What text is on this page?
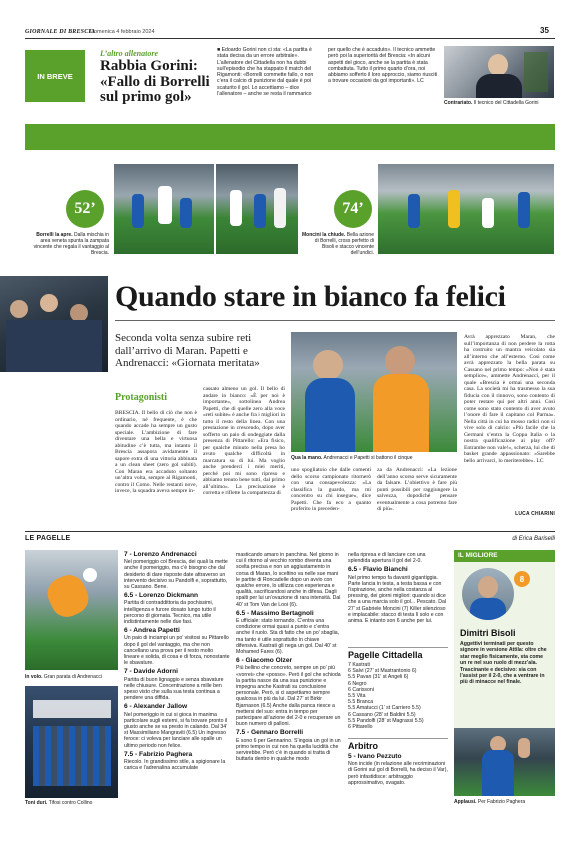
GIORNALE DI BRESCIA
Domenica 4 febbraio 2024	35
IN BREVE
L’altro allenatore
Rabbia Gorini: «Fallo di Borrelli sul primo gol»
■ Edoardo Gorini non ci sta: «La partita è stata decisa da un errore arbitrale». L’allenatore del Cittadella non ha dubbi sull’episodio che ha stappato il match del Rigamonti: «Borrelli commette fallo, o non c’era il calcio di punizione dal quale è poi scaturito il gol. Lo accettiamo – dice l’allenatore – anche se resta il rammarico
per quello che è accaduto». Il tecnico ammette però poi la superiorità del Brescia: «In alcuni aspetti del gioco, anche se la partita è stata combattuta. Tutto il primo quarto d’ora, noi abbiamo sofferto il loro approccio, siamo riusciti a trovare occasioni da gol importanti». LC
Contrariato. Il tecnico del Cittadella Gorini
52’
Borrelli la apre. Dalla mischia in area veneta spunta la zampata vincente che regala il vantaggio al Brescia.
Moncini la chiude. Bella azione di Borrelli, cross perfetto di Bisoli e stacco vincente dell’undici.
74’
Quando stare in bianco fa felici
Seconda volta senza subire reti dall’arrivo di Maran. Papetti e Andrenacci: «Giornata meritata»
Protagonisti
BRESCIA. Il bello di ciò che non è ordinario, né frequente, è che quando accade ha sempre un gusto speciale. L’ambizione di fare diventare una bella e virtuosa abitudine c’è tutta, ma intanto il Brescia assapora avidamente il sapore extra di una vittoria abbinata a un clean sheet (zero gol subiti). Con Maran era accaduto soltanto un’altra volta, sempre al Rigamonti, contro il Como. Nelle restanti nove, invece, la squadra aveva sempre in-
cassato almeno un gol. Il bello di andare in bianco: «È per noi è importante», sottolinea Andrea Papetti, che di quelle zero alla voce «reti subite» è anche fra i migliori in tutto il resto della linea. Con una prestazione in crescendo, dopo aver sofferto un paio di ondeggiate dalla presenza di Pittarello: «Era fisico, per qualche minuto nella presa ho avuto qualche difficoltà in marcatura su di lui. Ma voglio anche prenderci i miei meriti, perché poi mi sono ripreso e abbiamo tenuto bene tutti, dal primo all’ultimo». La precisazione è corretta e riflette la compattezza di
Qua la mano. Andrenacci e Papetti si battono il cinque
uno spogliatoio che dalle comenti dello scorso campionato ritornerò con una consapevolezza: «La classifica la guardo, ma mi concentro su chi insegue», dice Papetti. Che fa eco a quanto proferito in preceden-
za da Andrenacci: «La lezione dell’anno scorso serve sicuramente da falsare. L’obiettivo è fare più punti possibili per raggiungere la salvezza, dopodiché pensare eventualmente a cosa potremo fare di più».
Avrà apprezzato Maran, che sull’importanza di non perdere la rotta ha costruito un mantra veicolato sia all’interno che all’esterno. Così come avrà apprezzato la bella parata su Cassano nel primo tempo: «Non è stata semplice», ammette Andrenacci, per il quale «Brescia è ormai una seconda casa. La società mi ha trasmesso la sua fiducia con il rinnovo, sono contento di poter restare qui per altri anni. Così come sono stato contento di aver avuto l’onore di fare il capitano col Parma». Nella città in cui ha mosso radici non si vive solo di calcio: «Più facile che la Germani s’entra la Coppa Italia o la nostra qualificazione ai play off? Entrambe non vale!», scherza, lui che di basket grande appassionato: «Sarebbe bello arrivarci, lo meriterebbe». LC
LUCA CHIARINI
LE PAGELLE	di Erica Bariselli
In volo. Gran parata di Andrenacci
Toni duri. Tifosi contro Collino
7 - Lorenzo Andrenacci

Nel pomeriggio col Brescia, dei quali la mette anche il pomeriggio, ma c’è bisogno che dal desiderio di dare risposte date attraverso un intervento decisivo su Pandolfi e, soprattutto, su Cassano. Bene.

6.5 - Lorenzo Dickmann

Partita di contraddittoria da pochissimi, intelligenza e furore dosato lungo tutto il percorso di giornata. Tecnico, ma utile indistintamente nelle due fasi.

6 - Andrea Papetti

Un paio di inciampi un po’ visitosi su Pittarello dopo il gol del vantaggio, ma che non cancellano una prova per il resto molto lineare e solida, di cosa e di forza, nonostante le sbavature.

7 - Davide Adorni

Partita di buon lignaggio e senza sbavature nelle chiusure. Concentrazione a mille ben speso visto che sulla sua testa continua a pendere una diffida.

6 - Alexander Jallow

Nel pomeriggio in cui si gioca in manima particolare sugli esterni, si fa trovare pronto il giusto anche se va presto in calando. Dal 34’ st Massimiliano Mangraviti (6.5) Un ingresso feroce: ci voleva per lanciare alle spalle un ultimo periodo non felice.

7.5 - Fabrizio Paghera

Riecolo. In grandissimo stile, a spigionare la carica e l’adrenalina accumulate

masticando amaro in panchina. Nel giorno in cui il ritorno al vecchio rombo diventa una scelta precisa e non un aggiustamento in corsa di Maran, lo sceltino va nelle sue mani le partite di Roncadelle dopo un avvio con qualche errore, lo utilizza con esperienza e qualità, sacrificandosi anche in difesa. Dagli spalti per lui un’ovazione di rara intensità. Dal 40’ st Tom Van de Looi (6).

6.5 - Massimo Bertagnoli

E ufficiale: stato tornando. C’entra una condizione ormai quasi a punto e c’entra anche il ruolo. Sta di fatto che un po’ sbaglia, ma tanto è utile soprattutto in chiave difensiva. Kastrati gli nega un gol. Dal 40’ st Mohamed Fares (6).

6 - Giacomo Olzer

Più bellino che concreto, sempre un po’ più «vorrei» che «posso». Però il gol che schioda la partita nasce da una sua punizione e impegna anche Kastrati su conclusione personale. Però, si ci aspettiamo sempre qualcosa in più da lui. Dal 27’ st Birkir Bjarnason (6.5) Anche dalla panca riesce a mettersi del suo: entra in tempo per partecipare all’azione del 2-0 e recuperare un buon numero di palloni.

7.5 - Gennaro Borrelli

E sono 6 per Gennarino. S’ingoia un gol in un primo tempo in cui non ha quella lucidità che servirebbe. Però c’è in quando si tratta di buttarla dentro in qualche modo

nella ripresa e di lanciare con una splendida apertura il gol del 2-0.

6.5 - Flavio Bianchi

Nel primo tempo fa davanti gigantiggia. Parte lancia in testa, a testa bassa e con l’ispirazione, anche nella costanza al pressing, dei giorni migliori: quando si dice che a una marcia solo il gol... Pescato. Dal 27’ st Gabriele Moncini (7) Killer silenzioso e implacabile: stacco di testa lì solo e con anima. E intanto son 6 anche per lui.

Pagelle Cittadella
7 Kastrati
6 Salvi (27’ st Mastrantonio 6)
5.5 Pavan (31’ st Angeli 6)
6 Negro
6 Carissoni
5.5 Vita
5.5 Branca
5.5 Amatucci (1’ st Carriero 5.5)
6 Cassano (28’ st Baldini 5.5)
5.5 Pandolfi (28’ st Magrassi 5.5)
6 Pittarello
Arbitro
5 - Ivano Pezzuto

Non incide (in relazione alle recriminazioni di Gorini sul gol di Borrelli, ha deciso il Var), però infastidisce: arbitraggio approssimativo, svagato.

IL MIGLIORE
8
Dimitri Bisoli
Aggettivi terminati per questo signore in versione Attila: oltre che star meglio fisicamente, sta come un re nel suo ruolo di mezz’ala. Trascinante e decisivo: sia con l’assist per il 2-0, che a ventrare in più di minacce nel finale.
Applausi. Per Fabrizio Paghera
